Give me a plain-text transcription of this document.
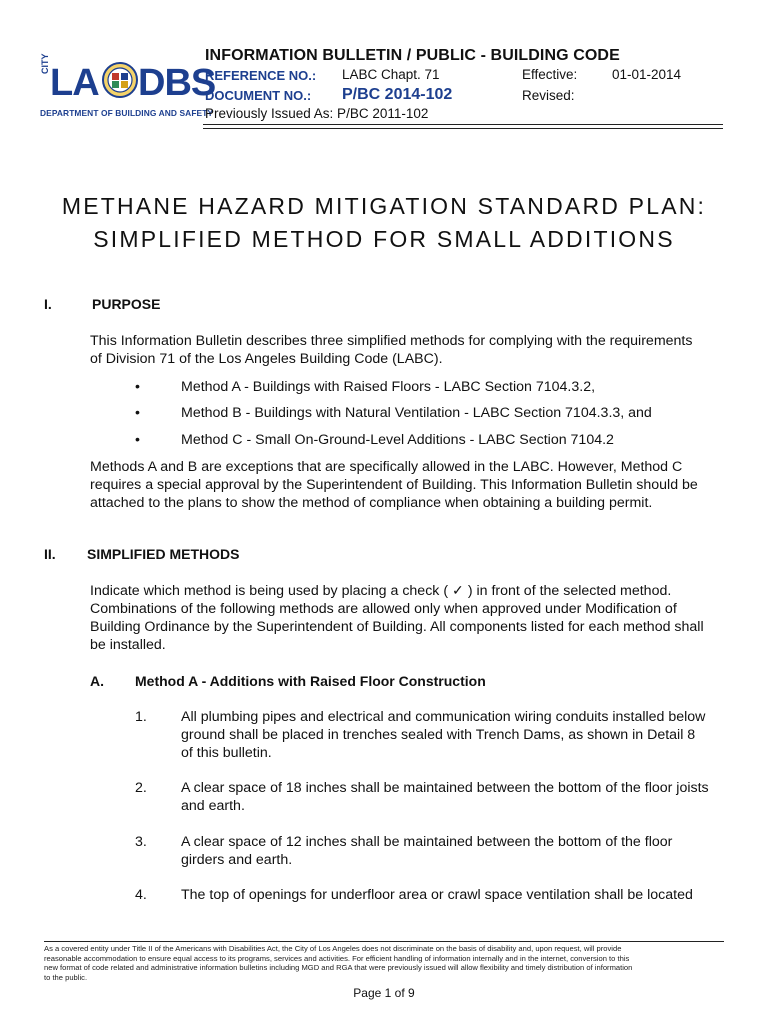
CITY LA DBS
DEPARTMENT OF BUILDING AND SAFETY
INFORMATION BULLETIN / PUBLIC - BUILDING CODE
REFERENCE NO.: LABC Chapt. 71	Effective:	01-01-2014
DOCUMENT NO.: P/BC 2014-102	Revised:
Previously Issued As: P/BC 2011-102
METHANE HAZARD MITIGATION STANDARD PLAN:
SIMPLIFIED METHOD FOR SMALL ADDITIONS
I.	PURPOSE
This Information Bulletin describes three simplified methods for complying with the requirements
of Division 71 of the Los Angeles Building Code (LABC).
•	Method A - Buildings with Raised Floors - LABC Section 7104.3.2,
•	Method B - Buildings with Natural Ventilation - LABC Section 7104.3.3, and
•	Method C - Small On-Ground-Level Additions - LABC Section 7104.2
Methods A and B are exceptions that are specifically allowed in the LABC. However, Method C
requires a special approval by the Superintendent of Building. This Information Bulletin should be
attached to the plans to show the method of compliance when obtaining a building permit.
II. SIMPLIFIED METHODS
Indicate which method is being used by placing a check ( ✓ ) in front of the selected method.
Combinations of the following methods are allowed only when approved under Modification of
Building Ordinance by the Superintendent of Building. All components listed for each method shall
be installed.
A. Method A - Additions with Raised Floor Construction
1. All plumbing pipes and electrical and communication wiring conduits installed below
ground shall be placed in trenches sealed with Trench Dams, as shown in Detail 8
of this bulletin.
2. A clear space of 18 inches shall be maintained between the bottom of the floor joists
and earth.
3. A clear space of 12 inches shall be maintained between the bottom of the floor
girders and earth.
4. The top of openings for underfloor area or crawl space ventilation shall be located
As a covered entity under Title II of the Americans with Disabilities Act, the City of Los Angeles does not discriminate on the basis of disability and, upon request, will provide
reasonable accommodation to ensure equal access to its programs, services and activities. For efficient handling of information internally and in the internet, conversion to this
new format of code related and administrative information bulletins including MGD and RGA that were previously issued will allow flexibility and timely distribution of information
to the public.
Page 1 of 9
